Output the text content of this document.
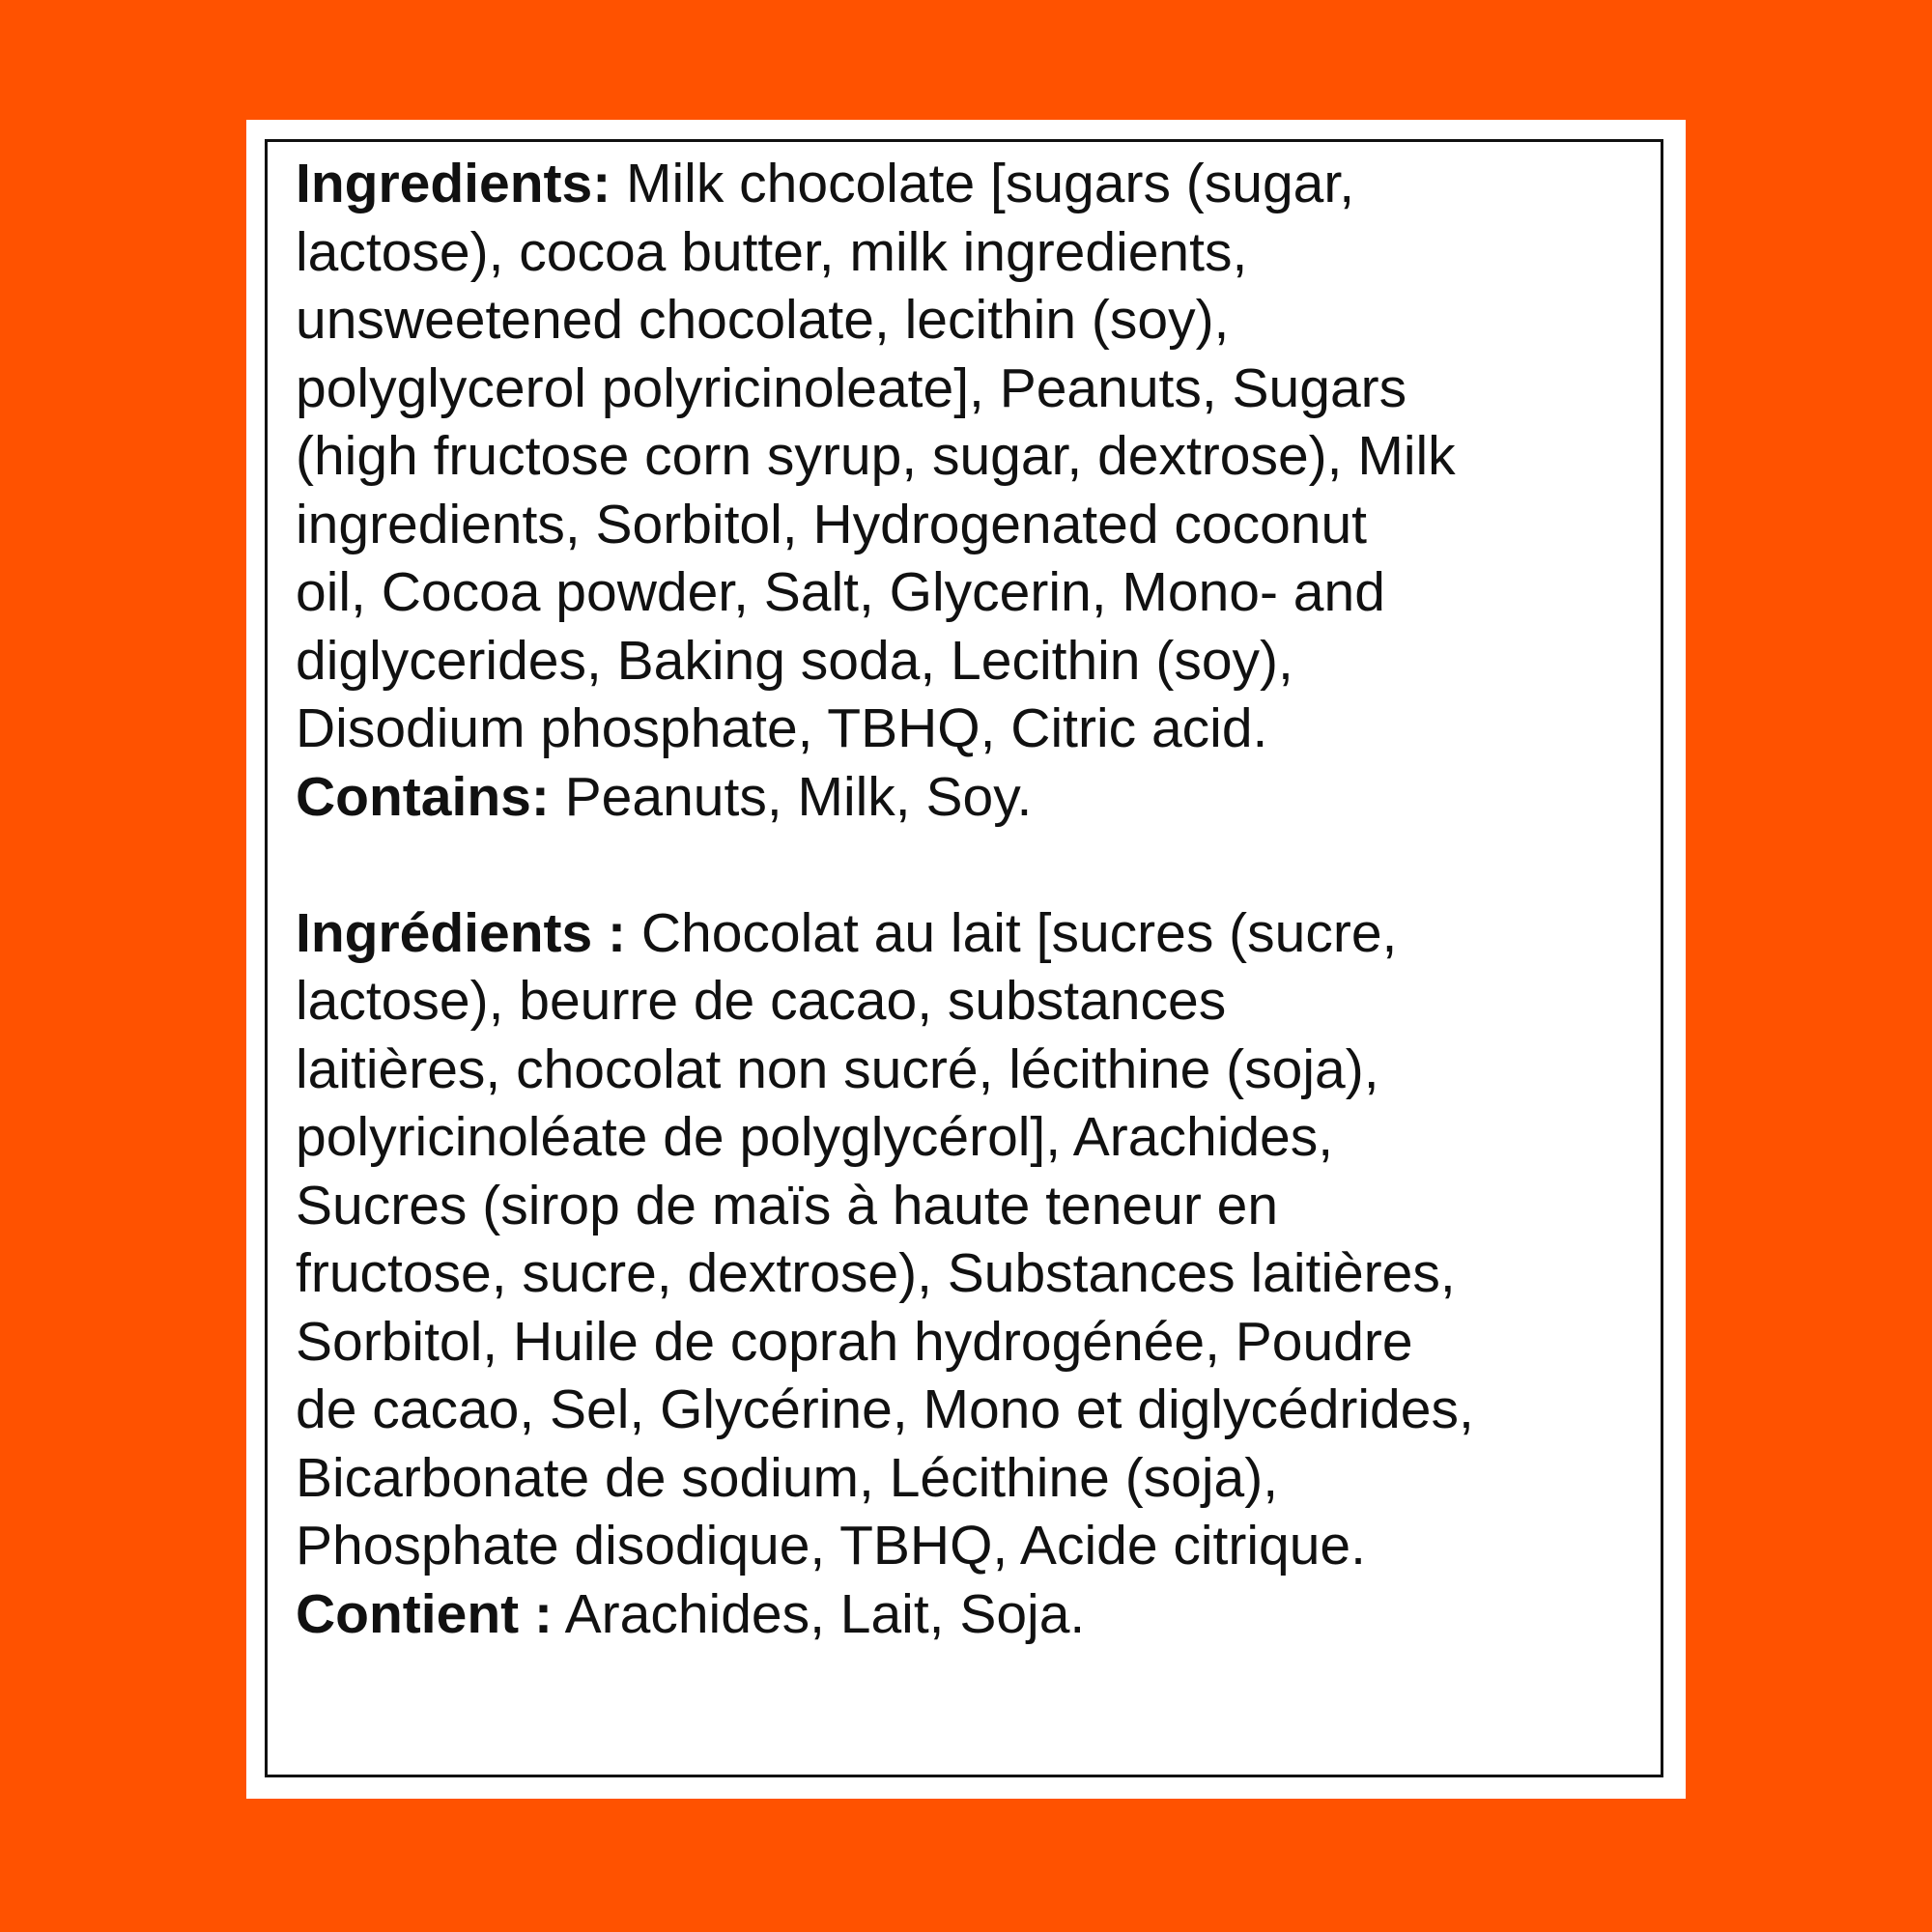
Ingredients: Milk chocolate [sugars (sugar,
lactose), cocoa butter, milk ingredients,
unsweetened chocolate, lecithin (soy),
polyglycerol polyricinoleate], Peanuts, Sugars
(high fructose corn syrup, sugar, dextrose), Milk
ingredients, Sorbitol, Hydrogenated coconut
oil, Cocoa powder, Salt, Glycerin, Mono- and
diglycerides, Baking soda, Lecithin (soy),
Disodium phosphate, TBHQ, Citric acid.
Contains: Peanuts, Milk, Soy.
Ingrédients : Chocolat au lait [sucres (sucre,
lactose), beurre de cacao, substances
laitières, chocolat non sucré, lécithine (soja),
polyricinoléate de polyglycérol], Arachides,
Sucres (sirop de maïs à haute teneur en
fructose, sucre, dextrose), Substances laitières,
Sorbitol, Huile de coprah hydrogénée, Poudre
de cacao, Sel, Glycérine, Mono et diglycédrides,
Bicarbonate de sodium, Lécithine (soja),
Phosphate disodique, TBHQ, Acide citrique.
Contient : Arachides, Lait, Soja.
